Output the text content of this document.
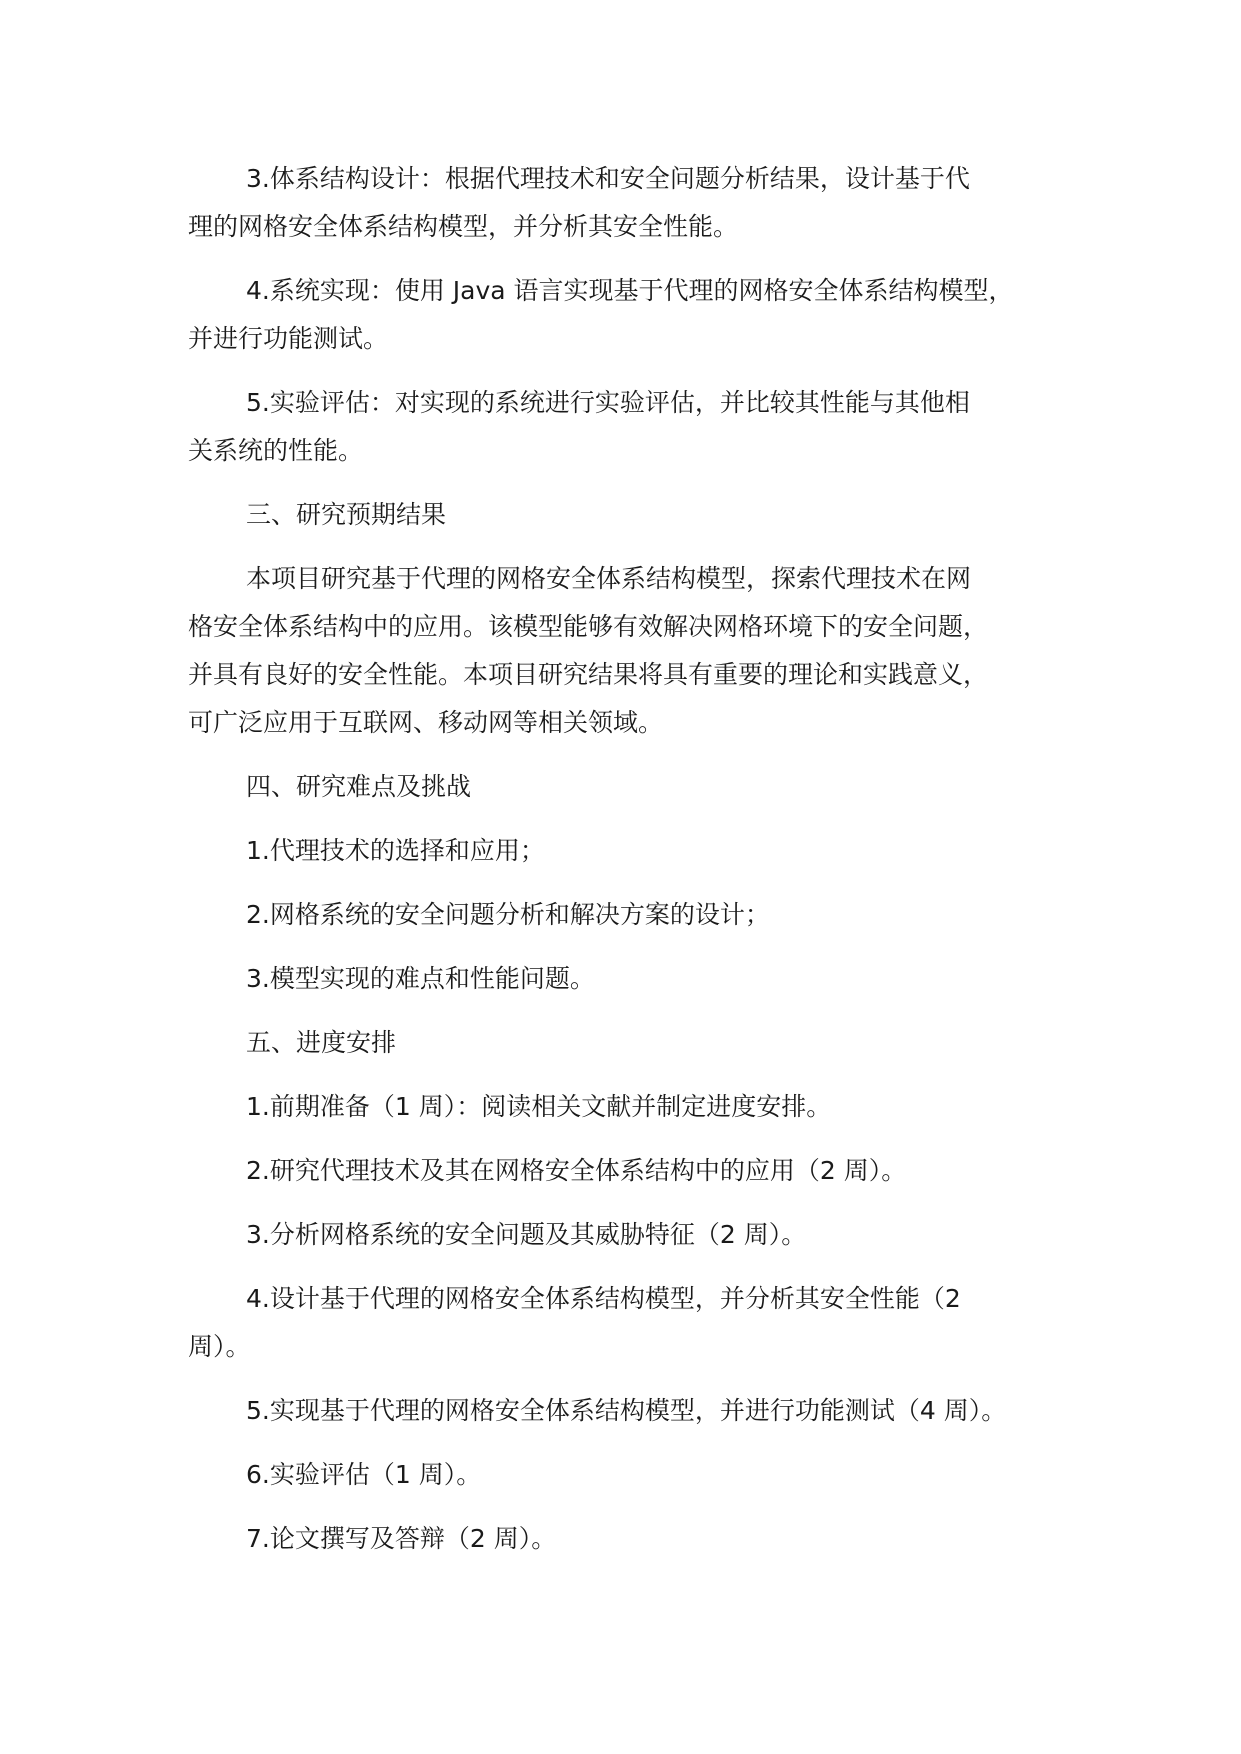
3.体系结构设计：根据代理技术和安全问题分析结果，设计基于代
理的网格安全体系结构模型，并分析其安全性能。
4.系统实现：使用 Java 语言实现基于代理的网格安全体系结构模型，
并进行功能测试。
5.实验评估：对实现的系统进行实验评估，并比较其性能与其他相
关系统的性能。
三、研究预期结果
本项目研究基于代理的网格安全体系结构模型，探索代理技术在网
格安全体系结构中的应用。该模型能够有效解决网格环境下的安全问题，
并具有良好的安全性能。本项目研究结果将具有重要的理论和实践意义，
可广泛应用于互联网、移动网等相关领域。
四、研究难点及挑战
1.代理技术的选择和应用；
2.网格系统的安全问题分析和解决方案的设计；
3.模型实现的难点和性能问题。
五、进度安排
1.前期准备（1 周）：阅读相关文献并制定进度安排。
2.研究代理技术及其在网格安全体系结构中的应用（2 周）。
3.分析网格系统的安全问题及其威胁特征（2 周）。
4.设计基于代理的网格安全体系结构模型，并分析其安全性能（2
周）。
5.实现基于代理的网格安全体系结构模型，并进行功能测试（4 周）。
6.实验评估（1 周）。
7.论文撰写及答辩（2 周）。
